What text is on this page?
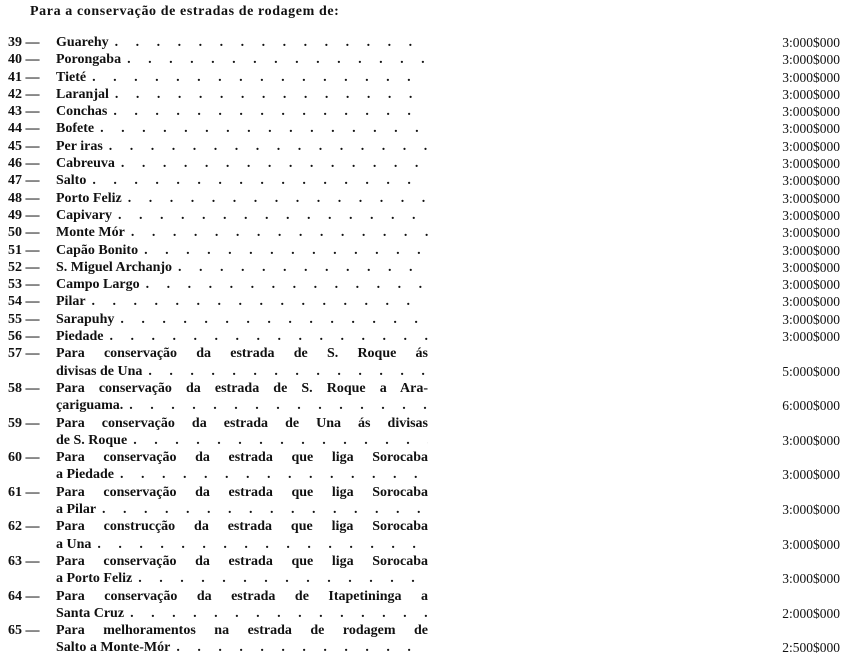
Para a conservação de estradas de rodagem de:
39 —	Guarehy . . .	3:000$000
40 —	Porongaba . . .	3:000$000
41 —	Tieté . . .	3:000$000
42 —	Laranjal . . .	3:000$000
43 —	Conchas . . .	3:000$000
44 —	Bofete . . .	3:000$000
45 —	Per iras . . .	3:000$000
46 —	Cabreuva . . .	3:000$000
47 —	Salto . . .	3:000$000
48 —	Porto Feliz . . .	3:000$000
49 —	Capivary . . .	3:000$000
50 —	Monte Mór . . .	3:000$000
51 —	Capão Bonito . . .	3:000$000
52 —	S. Miguel Archanjo . . .	3:000$000
53 —	Campo Largo . . .	3:000$000
54 —	Pilar . . .	3:000$000
55 —	Sarapuhy . . .	3:000$000
56 —	Piedade . . .	3:000$000
57 —	Para conservação da estrada de S. Roque ás
divisas de Una . . .	5:000$000
58 —	Para conservação da estrada de S. Roque a Ara-
çariguama. . . .	6:000$000
59 —	Para conservação da estrada de Una ás divisas
de S. Roque . . .	3:000$000
60 —	Para conservação da estrada que liga Sorocaba
a Piedade . . .	3:000$000
61 —	Para conservação da estrada que liga Sorocaba
a Pilar . . .	3:000$000
62 —	Para construcção da estrada que liga Sorocaba
a Una . . .	3:000$000
63 —	Para conservação da estrada que liga Sorocaba
a Porto Feliz . . .	3:000$000
64 —	Para conservação da estrada de Itapetininga a
Santa Cruz . . .	2:000$000
65 —	Para melhoramentos na estrada de rodagem de
Salto a Monte-Mór . . .	2:500$000
